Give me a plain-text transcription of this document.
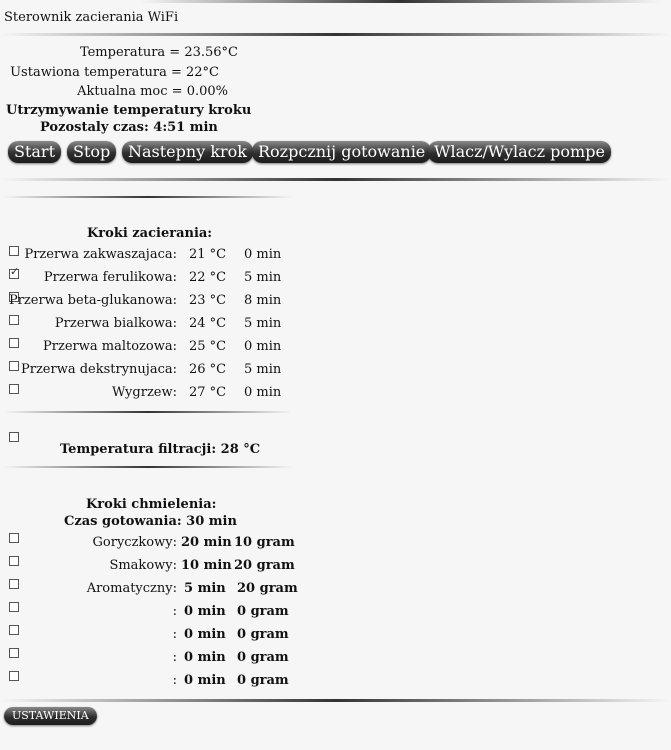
Sterownik zacierania WiFi
Temperatura = 23.56°C
Ustawiona temperatura = 22°C
Aktualna moc = 0.00%
Utrzymywanie temperatury kroku
Pozostaly czas: 4:51 min
Start	Stop	Nastepny krok Rozpcznij gotowanie Wlacz/Wylacz pompe
Kroki zacierania:
Przerwa zakwaszajaca: 21 °C 0 min
✓
Przerwa ferulikowa: 22 °C 5 min
Przerwa beta-glukanowa: 23 °C 8 min
Przerwa bialkowa: 24 °C 5 min
Przerwa maltozowa: 25 °C 0 min
Przerwa dekstrynujaca: 26 °C 5 min
Wygrzew: 27 °C 0 min
Temperatura filtracji: 28 °C
Kroki chmielenia:
Czas gotowania: 30 min
Goryczkowy: 20 min 10 gram
Smakowy: 10 min 20 gram
Aromatyczny: 5 min 20 gram
: 0 min 0 gram
: 0 min 0 gram
: 0 min 0 gram
: 0 min 0 gram
USTAWIENIA
